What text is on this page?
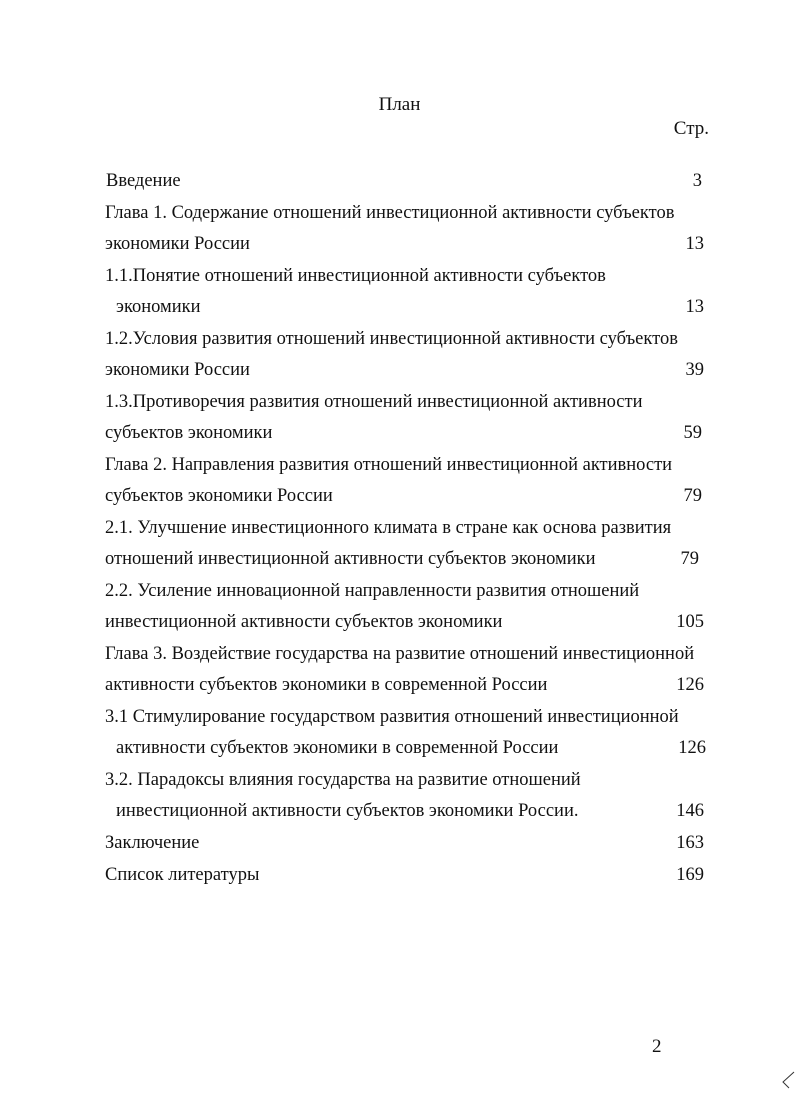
План
Стр.
Введение	3
Глава 1. Содержание отношений инвестиционной активности субъектов
экономики России	13
1.1.Понятие отношений инвестиционной активности субъектов
экономики	13
1.2.Условия развития отношений инвестиционной активности субъектов
экономики России	39
1.3.Противоречия развития отношений инвестиционной активности
субъектов экономики	59
Глава 2. Направления развития отношений инвестиционной активности
субъектов экономики России	79
2.1. Улучшение инвестиционного климата в стране как основа развития
отношений инвестиционной активности субъектов экономики	79
2.2. Усиление инновационной направленности развития отношений
инвестиционной активности субъектов экономики	105
Глава 3. Воздействие государства на развитие отношений инвестиционной
активности субъектов экономики в современной России	126
3.1 Стимулирование государством развития отношений инвестиционной
активности субъектов экономики в современной России	126
3.2. Парадоксы влияния государства на развитие отношений
инвестиционной активности субъектов экономики России.	146
Заключение	163
Список литературы	169
2
